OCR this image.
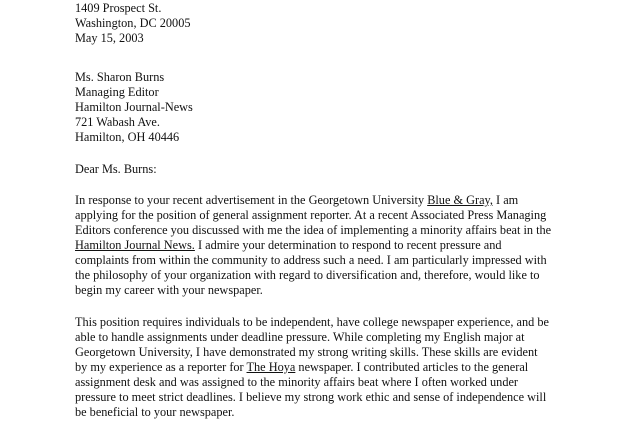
1409 Prospect St.
Washington, DC 20005
May 15, 2003
Ms. Sharon Burns
Managing Editor
Hamilton Journal-News
721 Wabash Ave.
Hamilton, OH 40446
Dear Ms. Burns:
In response to your recent advertisement in the Georgetown University Blue & Gray, I am
applying for the position of general assignment reporter. At a recent Associated Press Managing
Editors conference you discussed with me the idea of implementing a minority affairs beat in the
Hamilton Journal News. I admire your determination to respond to recent pressure and
complaints from within the community to address such a need. I am particularly impressed with
the philosophy of your organization with regard to diversification and, therefore, would like to
begin my career with your newspaper.
This position requires individuals to be independent, have college newspaper experience, and be
able to handle assignments under deadline pressure. While completing my English major at
Georgetown University, I have demonstrated my strong writing skills. These skills are evident
by my experience as a reporter for The Hoya newspaper. I contributed articles to the general
assignment desk and was assigned to the minority affairs beat where I often worked under
pressure to meet strict deadlines. I believe my strong work ethic and sense of independence will
be beneficial to your newspaper.
